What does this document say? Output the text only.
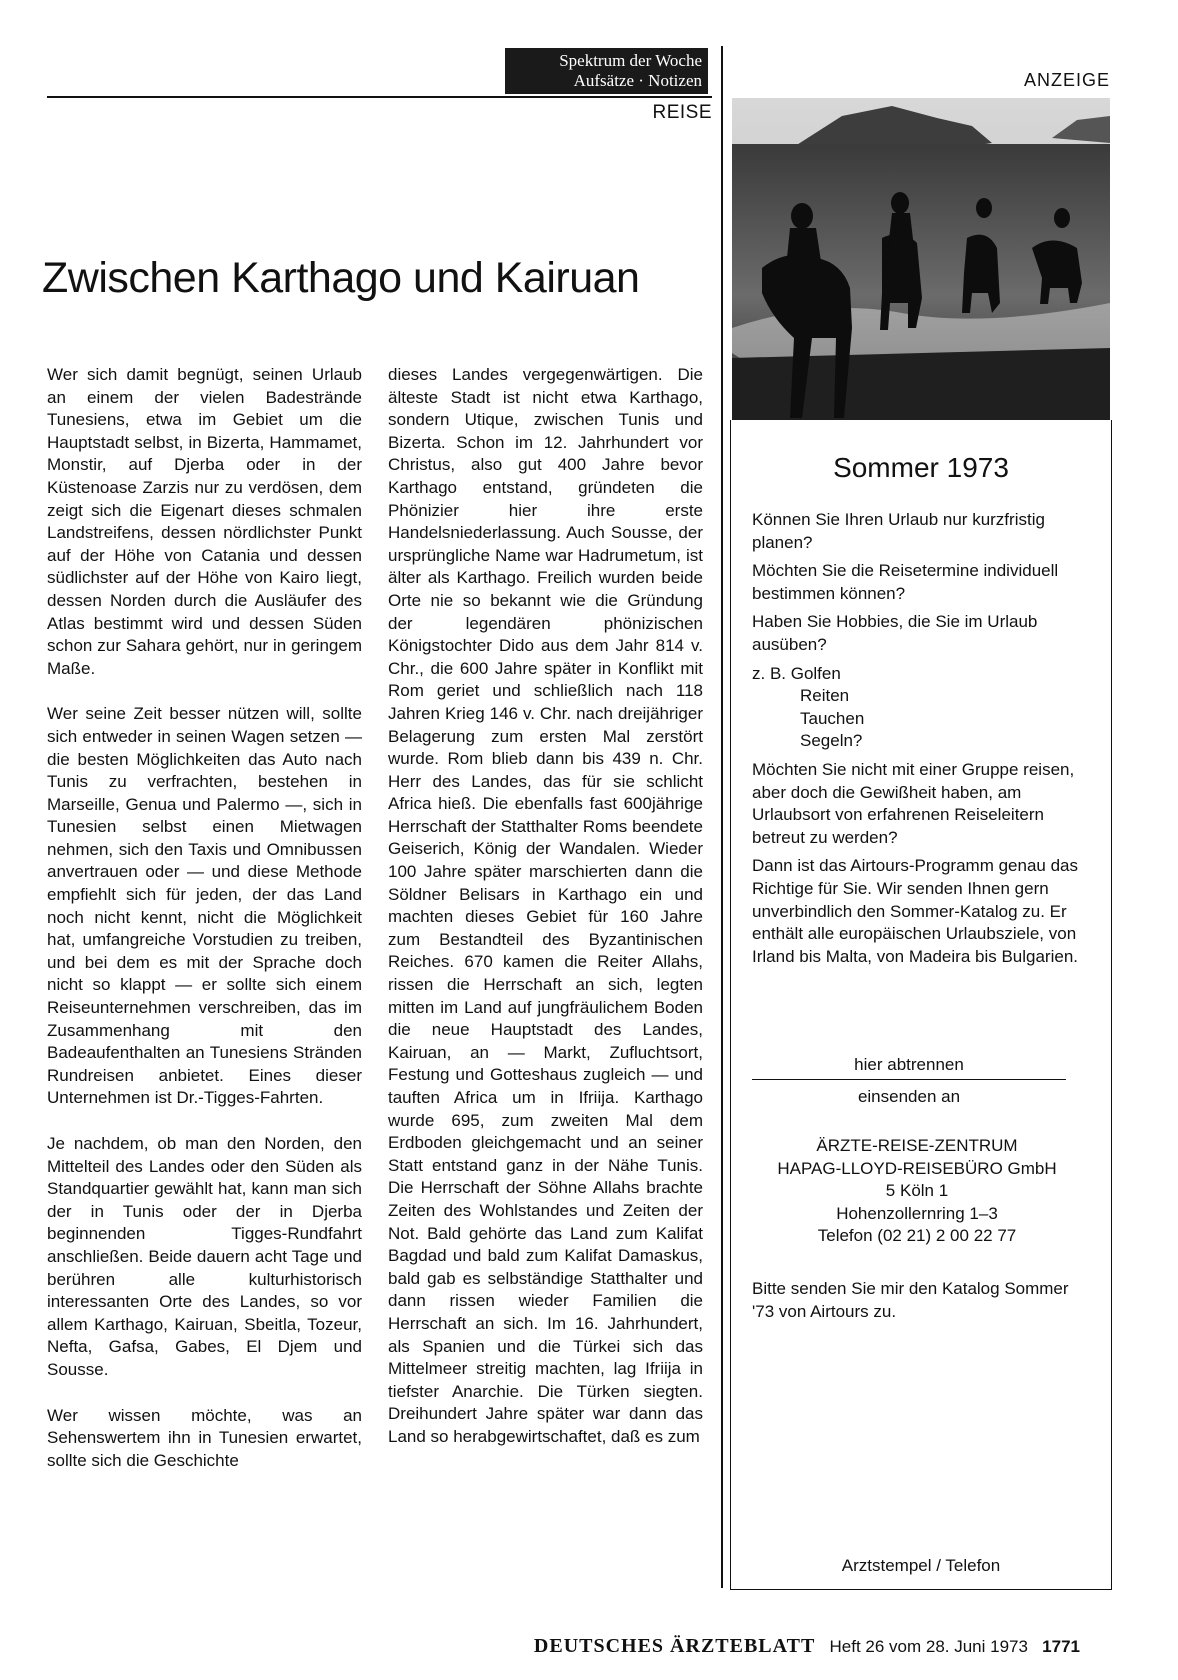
Spektrum der Woche
Aufsätze · Notizen
REISE
ANZEIGE
Zwischen Karthago und Kairuan

Wer sich damit begnügt, seinen Urlaub an einem der vielen Badestrände Tunesiens, etwa im Gebiet um die Hauptstadt selbst, in Bizerta, Hammamet, Monstir, auf Djerba oder in der Küstenoase Zarzis nur zu verdösen, dem zeigt sich die Eigenart dieses schmalen Landstreifens, dessen nördlichster Punkt auf der Höhe von Catania und dessen südlichster auf der Höhe von Kairo liegt, dessen Norden durch die Ausläufer des Atlas bestimmt wird und dessen Süden schon zur Sahara gehört, nur in geringem Maße.

Wer seine Zeit besser nützen will, sollte sich entweder in seinen Wagen setzen — die besten Möglichkeiten das Auto nach Tunis zu verfrachten, bestehen in Marseille, Genua und Palermo —, sich in Tunesien selbst einen Mietwagen nehmen, sich den Taxis und Omnibussen anvertrauen oder — und diese Methode empfiehlt sich für jeden, der das Land noch nicht kennt, nicht die Möglichkeit hat, umfangreiche Vorstudien zu treiben, und bei dem es mit der Sprache doch nicht so klappt — er sollte sich einem Reiseunternehmen verschreiben, das im Zusammenhang mit den Badeaufenthalten an Tunesiens Stränden Rundreisen anbietet. Eines dieser Unternehmen ist Dr.-Tigges-Fahrten.

Je nachdem, ob man den Norden, den Mittelteil des Landes oder den Süden als Standquartier gewählt hat, kann man sich der in Tunis oder der in Djerba beginnenden Tigges-Rundfahrt anschließen. Beide dauern acht Tage und berühren alle kulturhistorisch interessanten Orte des Landes, so vor allem Karthago, Kairuan, Sbeitla, Tozeur, Nefta, Gafsa, Gabes, El Djem und Sousse.

Wer wissen möchte, was an Sehenswertem ihn in Tunesien erwartet, sollte sich die Geschichte

dieses Landes vergegenwärtigen. Die älteste Stadt ist nicht etwa Karthago, sondern Utique, zwischen Tunis und Bizerta. Schon im 12. Jahrhundert vor Christus, also gut 400 Jahre bevor Karthago entstand, gründeten die Phönizier hier ihre erste Handelsniederlassung. Auch Sousse, der ursprüngliche Name war Hadrumetum, ist älter als Karthago. Freilich wurden beide Orte nie so bekannt wie die Gründung der legendären phönizischen Königstochter Dido aus dem Jahr 814 v. Chr., die 600 Jahre später in Konflikt mit Rom geriet und schließlich nach 118 Jahren Krieg 146 v. Chr. nach dreijähriger Belagerung zum ersten Mal zerstört wurde. Rom blieb dann bis 439 n. Chr. Herr des Landes, das für sie schlicht Africa hieß. Die ebenfalls fast 600jährige Herrschaft der Statthalter Roms beendete Geiserich, König der Wandalen. Wieder 100 Jahre später marschierten dann die Söldner Belisars in Karthago ein und machten dieses Gebiet für 160 Jahre zum Bestandteil des Byzantinischen Reiches. 670 kamen die Reiter Allahs, rissen die Herrschaft an sich, legten mitten im Land auf jungfräulichem Boden die neue Hauptstadt des Landes, Kairuan, an — Markt, Zufluchtsort, Festung und Gotteshaus zugleich — und tauften Africa um in Ifriija. Karthago wurde 695, zum zweiten Mal dem Erdboden gleichgemacht und an seiner Statt entstand ganz in der Nähe Tunis. Die Herrschaft der Söhne Allahs brachte Zeiten des Wohlstandes und Zeiten der Not. Bald gehörte das Land zum Kalifat Bagdad und bald zum Kalifat Damaskus, bald gab es selbständige Statthalter und dann rissen wieder Familien die Herrschaft an sich. Im 16. Jahrhundert, als Spanien und die Türkei sich das Mittelmeer streitig machten, lag Ifriija in tiefster Anarchie. Die Türken siegten. Dreihundert Jahre später war dann das Land so herabgewirtschaftet, daß es zum

Sommer 1973

Können Sie Ihren Urlaub nur kurzfristig planen?

Möchten Sie die Reisetermine individuell bestimmen können?

Haben Sie Hobbies, die Sie im Urlaub ausüben?

z. B. Golfen
Reiten
Tauchen
Segeln?

Möchten Sie nicht mit einer Gruppe reisen, aber doch die Gewißheit haben, am Urlaubsort von erfahrenen Reiseleitern betreut zu werden?

Dann ist das Airtours-Programm genau das Richtige für Sie. Wir senden Ihnen gern unverbindlich den Sommer-Katalog zu. Er enthält alle europäischen Urlaubsziele, von Irland bis Malta, von Madeira bis Bulgarien.

hier abtrennen
einsenden an
ÄRZTE-REISE-ZENTRUM
HAPAG-LLOYD-REISEBÜRO GmbH
5 Köln 1
Hohenzollernring 1–3
Telefon (02 21) 2 00 22 77
Bitte senden Sie mir den Katalog Sommer '73 von Airtours zu.
Arztstempel / Telefon
DEUTSCHES ÄRZTEBLATT Heft 26 vom 28. Juni 1973 1771
